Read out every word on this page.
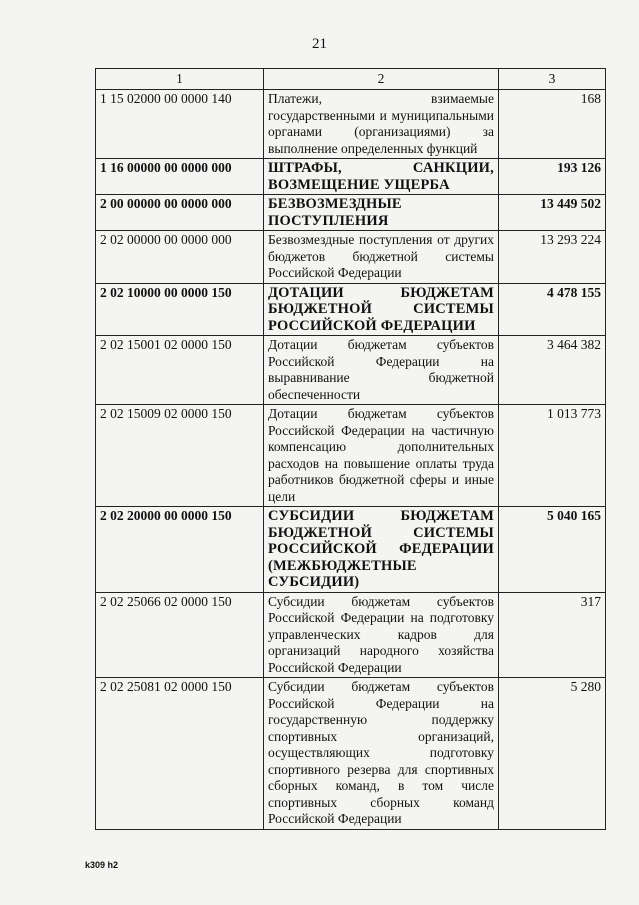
21
1	2	3
1 15 02000 00 0000 140	Платежи, взимаемые государственными и муниципальными органами (организациями) за выполнение определенных функций	168
1 16 00000 00 0000 000	ШТРАФЫ, САНКЦИИ, ВОЗМЕЩЕНИЕ УЩЕРБА	193 126
2 00 00000 00 0000 000	БЕЗВОЗМЕЗДНЫЕ ПОСТУПЛЕНИЯ	13 449 502
2 02 00000 00 0000 000	Безвозмездные поступления от других бюджетов бюджетной системы Российской Федерации	13 293 224
2 02 10000 00 0000 150	ДОТАЦИИ БЮДЖЕТАМ БЮДЖЕТНОЙ СИСТЕМЫ РОССИЙСКОЙ ФЕДЕРАЦИИ	4 478 155
2 02 15001 02 0000 150	Дотации бюджетам субъектов Российской Федерации на выравнивание бюджетной обеспеченности	3 464 382
2 02 15009 02 0000 150	Дотации бюджетам субъектов Российской Федерации на частичную компенсацию дополнительных расходов на повышение оплаты труда работников бюджетной сферы и иные цели	1 013 773
2 02 20000 00 0000 150	СУБСИДИИ БЮДЖЕТАМ БЮДЖЕТНОЙ СИСТЕМЫ РОССИЙСКОЙ ФЕДЕРАЦИИ (МЕЖБЮДЖЕТНЫЕ СУБСИДИИ)	5 040 165
2 02 25066 02 0000 150	Субсидии бюджетам субъектов Российской Федерации на подготовку управленческих кадров для организаций народного хозяйства Российской Федерации	317
2 02 25081 02 0000 150	Субсидии бюджетам субъектов Российской Федерации на государственную поддержку спортивных организаций, осуществляющих подготовку спортивного резерва для спортивных сборных команд, в том числе спортивных сборных команд Российской Федерации	5 280
k309 h2
